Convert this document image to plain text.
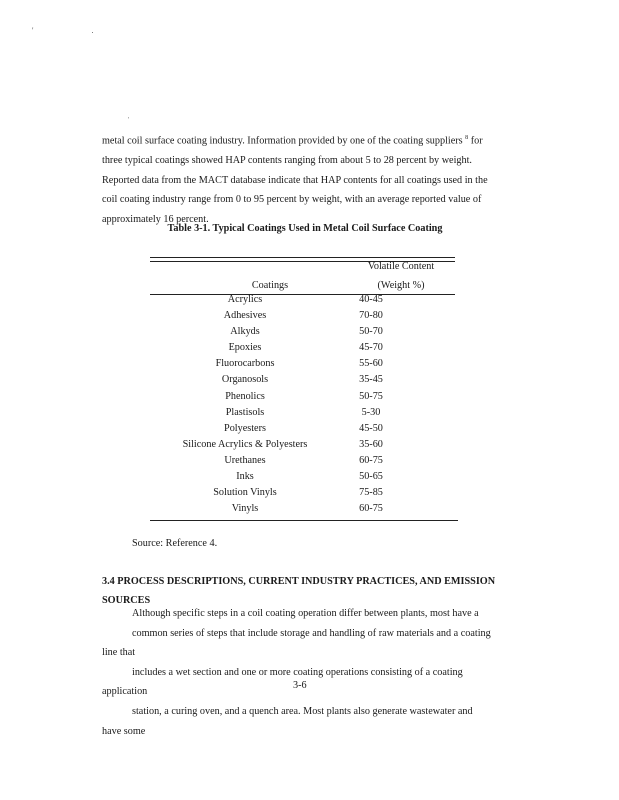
' .
'
metal coil surface coating industry. Information provided by one of the coating suppliers $^8$ for
three typical coatings showed HAP contents ranging from about 5 to 28 percent by weight.
Reported data from the MACT database indicate that HAP contents for all coatings used in the
coil coating industry range from 0 to 95 percent by weight, with an average reported value of
approximately 16 percent.
Table 3-1. Typical Coatings Used in Metal Coil Surface Coating
Volatile Content
Coatings	(Weight %)
Acrylics	40-45
Adhesives	70-80
Alkyds	50-70
Epoxies	45-70
Fluorocarbons	55-60
Organosols	35-45
Phenolics	50-75
Plastisols	5-30
Polyesters	45-50
Silicone Acrylics & Polyesters	35-60
Urethanes	60-75
Inks	50-65
Solution Vinyls	75-85
Vinyls	60-75
Source: Reference 4.
3.4 PROCESS DESCRIPTIONS, CURRENT INDUSTRY PRACTICES, AND EMISSION
SOURCES
Although specific steps in a coil coating operation differ between plants, most have a
common series of steps that include storage and handling of raw materials and a coating line that
includes a wet section and one or more coating operations consisting of a coating application
station, a curing oven, and a quench area. Most plants also generate wastewater and have some
3-6
